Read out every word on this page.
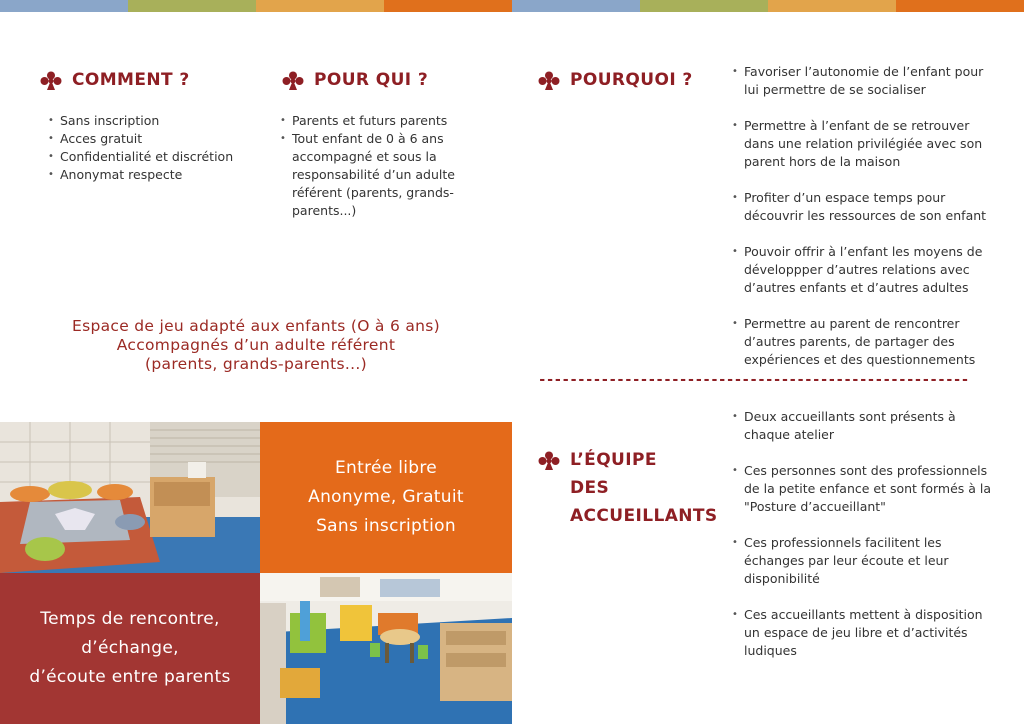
COMMENT ?
• Sans inscription
• Acces gratuit
• Confidentialité et discrétion
• Anonymat respecte
POUR QUI ?
• Parents et futurs parents
• Tout enfant de 0 à 6 ans accompagné et sous la responsabilité d’un adulte référent (parents, grands-parents...)
Espace de jeu adapté aux enfants (O à 6 ans)
Accompagnés d’un adulte référent
(parents, grands-parents...)
Entrée libre
Anonyme, Gratuit
Sans inscription
Temps de rencontre,
d’échange,
d’écoute entre parents
POURQUOI ?
•	Favoriser l’autonomie de l’enfant pour lui permettre de se socialiser
• Permettre à l’enfant de se retrouver dans une relation privilégiée avec son parent hors de la maison
• Profiter d’un espace temps pour découvrir les ressources de son enfant
• Pouvoir offrir à l’enfant les moyens de développper d’autres relations avec d’autres enfants et d’autres adultes
• Permettre au parent de rencontrer d’autres parents, de partager des expériences et des questionnements
-------------------------------------------------------
L’ÉQUIPE
DES
ACCUEILLANTS
• Deux accueillants sont présents à chaque atelier
• Ces personnes sont des professionnels de la petite enfance et sont formés à la "Posture d’accueillant"
• Ces professionnels facilitent les échanges par leur écoute et leur disponibilité
• Ces accueillants mettent à disposition un espace de jeu libre et d’activités ludiques
